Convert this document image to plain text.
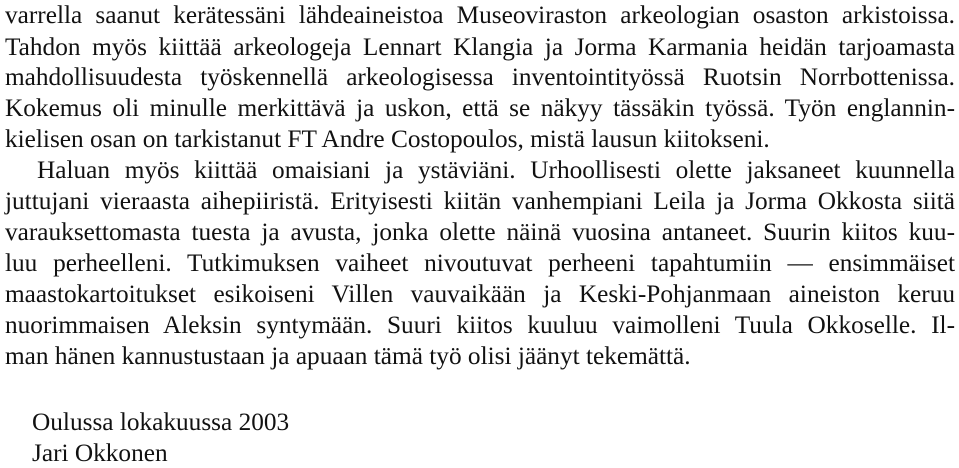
varrella saanut kerätessäni lähdeaineistoa Museoviraston arkeologian osaston arkistoissa.
Tahdon myös kiittää arkeologeja Lennart Klangia ja Jorma Karmania heidän tarjoamasta
mahdollisuudesta työskennellä arkeologisessa inventointityössä Ruotsin Norrbottenissa.
Kokemus oli minulle merkittävä ja uskon, että se näkyy tässäkin työssä. Työn englannin-
kielisen osan on tarkistanut FT Andre Costopoulos, mistä lausun kiitokseni.
Haluan myös kiittää omaisiani ja ystäviäni. Urhoollisesti olette jaksaneet kuunnella
juttujani vieraasta aihepiiristä. Erityisesti kiitän vanhempiani Leila ja Jorma Okkosta siitä
varauksettomasta tuesta ja avusta, jonka olette näinä vuosina antaneet. Suurin kiitos kuu-
luu perheelleni. Tutkimuksen vaiheet nivoutuvat perheeni tapahtumiin — ensimmäiset
maastokartoitukset esikoiseni Villen vauvaikään ja Keski-Pohjanmaan aineiston keruu
nuorimmaisen Aleksin syntymään. Suuri kiitos kuuluu vaimolleni Tuula Okkoselle. Il-
man hänen kannustustaan ja apuaan tämä työ olisi jäänyt tekemättä.
Oulussa lokakuussa 2003
Jari Okkonen
